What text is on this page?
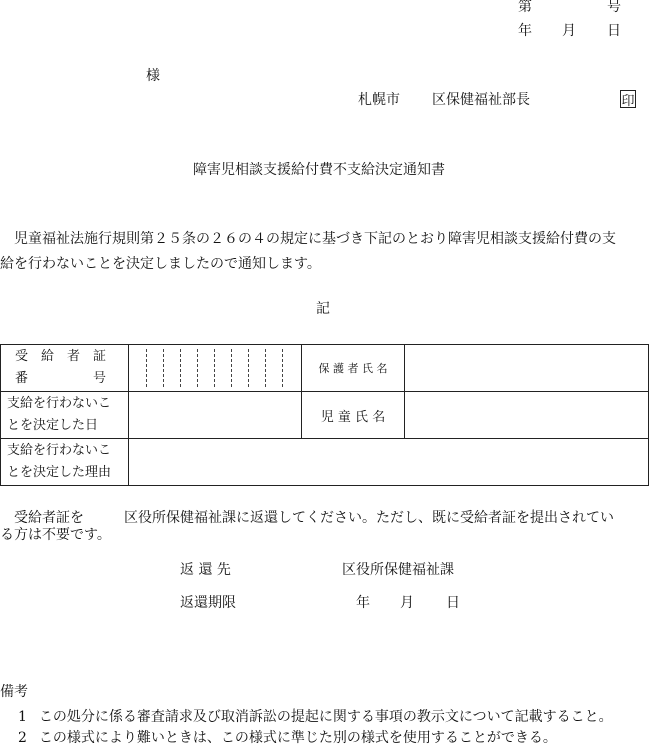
第	号
年 月 日
様
札幌市 区保健福祉部長	印
障害児相談支援給付費不支給決定通知書
児童福祉法施行規則第２５条の２６の４の規定に基づき下記のとおり障害児相談支援給付費の支
給を行わないことを決定しましたので通知します。
記
受　給　者　証
番　　　　　号		保 護 者 氏 名	

支給を行わないこ
とを決定した日		児 童 氏 名	

支給を行わないこ
とを決定した理由			

受給者証を	区役所保健福祉課に返還してください。ただし、既に受給者証を提出されてい
る方は不要です。
返 還 先	区役所保健福祉課
返還期限	年 月 日
備考
1 この処分に係る審査請求及び取消訴訟の提起に関する事項の教示文について記載すること。
2 この様式により難いときは、この様式に準じた別の様式を使用することができる。
